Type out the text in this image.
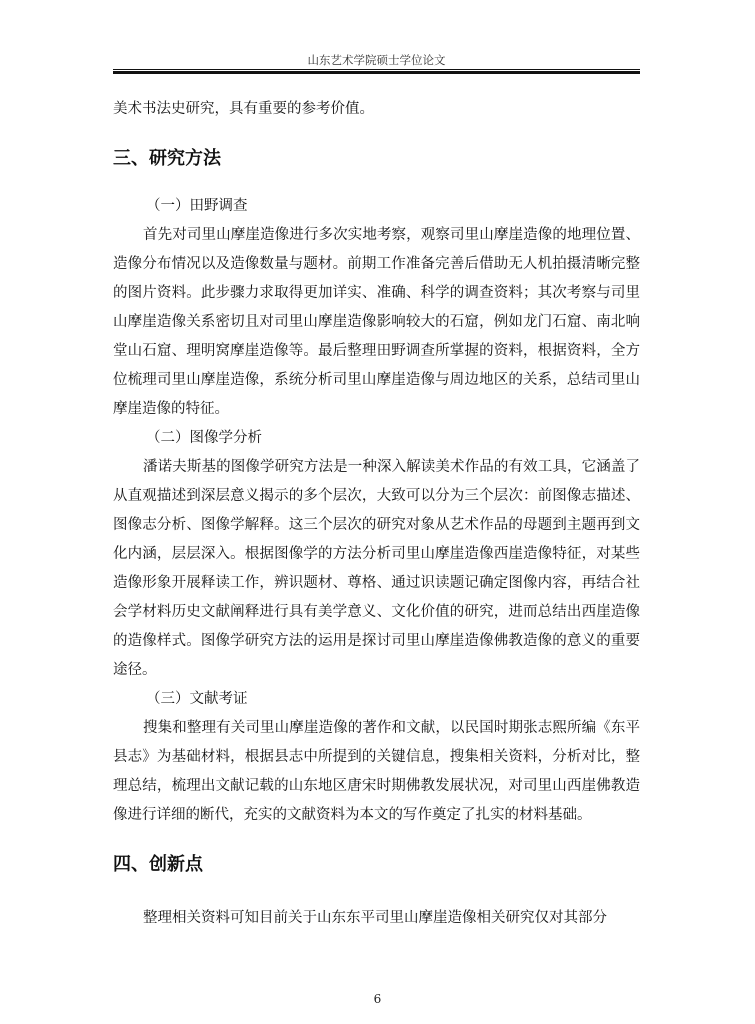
山东艺术学院硕士学位论文

美术书法史研究，具有重要的参考价值。

三、研究方法

（一）田野调查

首先对司里山摩崖造像进行多次实地考察，观察司里山摩崖造像的地理位置、造像分布情况以及造像数量与题材。前期工作准备完善后借助无人机拍摄清晰完整的图片资料。此步骤力求取得更加详实、准确、科学的调查资料；其次考察与司里山摩崖造像关系密切且对司里山摩崖造像影响较大的石窟，例如龙门石窟、南北响堂山石窟、理明窝摩崖造像等。最后整理田野调查所掌握的资料，根据资料，全方位梳理司里山摩崖造像，系统分析司里山摩崖造像与周边地区的关系，总结司里山摩崖造像的特征。

（二）图像学分析

潘诺夫斯基的图像学研究方法是一种深入解读美术作品的有效工具，它涵盖了从直观描述到深层意义揭示的多个层次，大致可以分为三个层次：前图像志描述、图像志分析、图像学解释。这三个层次的研究对象从艺术作品的母题到主题再到文化内涵，层层深入。根据图像学的方法分析司里山摩崖造像西崖造像特征，对某些造像形象开展释读工作，辨识题材、尊格、通过识读题记确定图像内容，再结合社会学材料历史文献阐释进行具有美学意义、文化价值的研究，进而总结出西崖造像的造像样式。图像学研究方法的运用是探讨司里山摩崖造像佛教造像的意义的重要途径。

（三）文献考证

搜集和整理有关司里山摩崖造像的著作和文献，以民国时期张志熙所编《东平县志》为基础材料，根据县志中所提到的关键信息，搜集相关资料，分析对比，整理总结，梳理出文献记载的山东地区唐宋时期佛教发展状况，对司里山西崖佛教造像进行详细的断代，充实的文献资料为本文的写作奠定了扎实的材料基础。

四、创新点

整理相关资料可知目前关于山东东平司里山摩崖造像相关研究仅对其部分

6
